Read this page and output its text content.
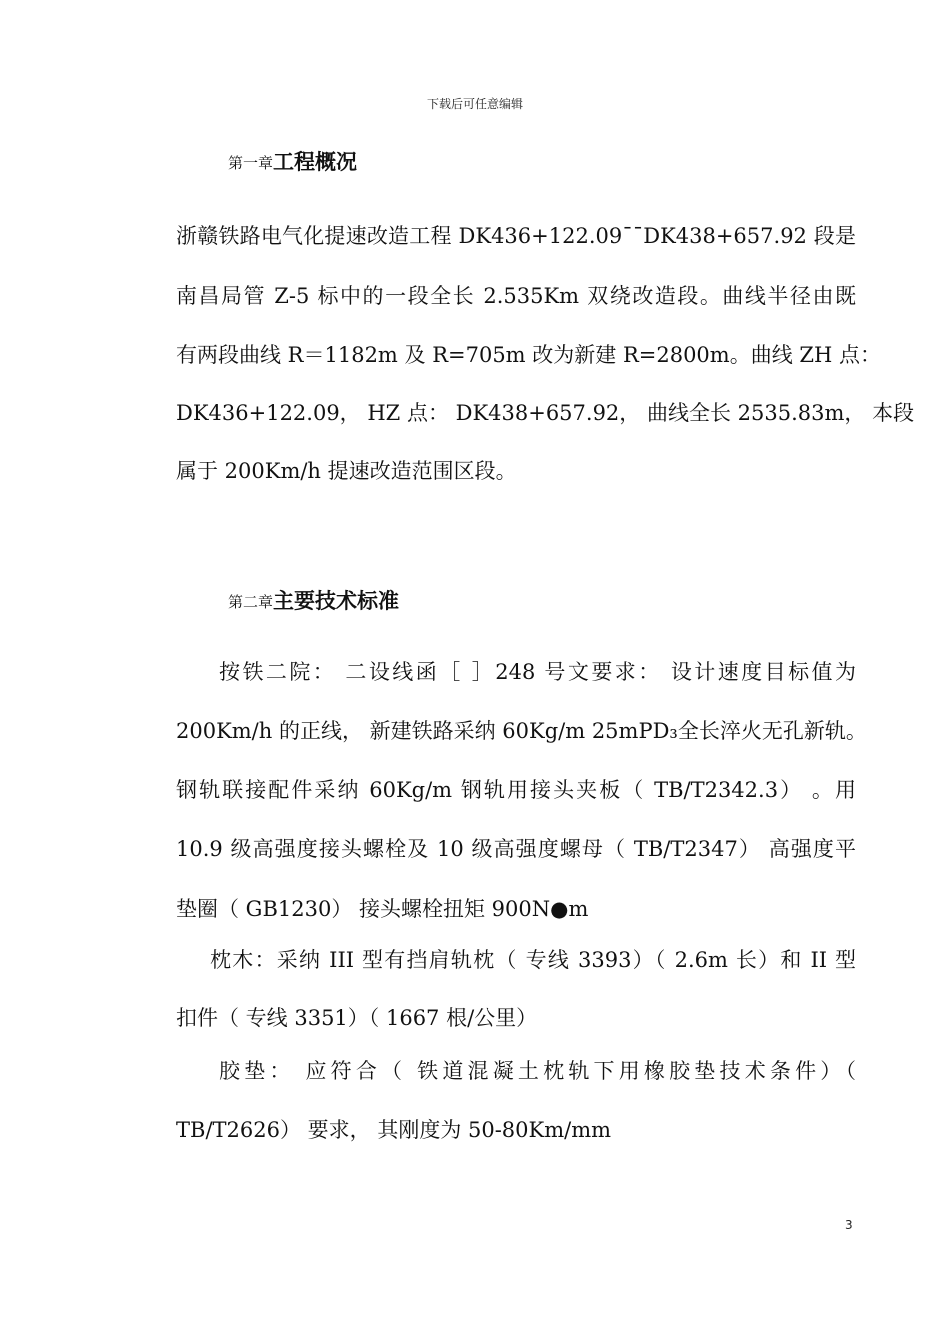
下载后可任意编辑
第一章工程概况
浙赣铁路电气化提速改造工程 DK436+122.09¯¯DK438+657.92 段是
南昌局管 Z-5 标中的一段全长 2.535Km 双绕改造段。曲线半径由既
有两段曲线 R＝1182m 及 R=705m 改为新建 R=2800m。曲线 ZH 点：
DK436+122.09， HZ 点： DK438+657.92， 曲线全长 2535.83m， 本段
属于 200Km/h 提速改造范围区段。
第二章主要技术标准
按铁二院： 二设线函［ ］248 号文要求： 设计速度目标值为
200Km/h 的正线， 新建铁路采纳 60Kg/m 25mPD₃全长淬火无孔新轨。
钢轨联接配件采纳 60Kg/m 钢轨用接头夹板（ TB/T2342.3） 。用
10.9 级高强度接头螺栓及 10 级高强度螺母（ TB/T2347） 高强度平
垫圈（ GB1230） 接头螺栓扭矩 900N●m
枕木：采纳 III 型有挡肩轨枕（ 专线 3393）（ 2.6m 长）和 II 型
扣件（ 专线 3351）（ 1667 根/公里）
胶垫： 应符合（ 铁道混凝土枕轨下用橡胶垫技术条件）（
TB/T2626） 要求， 其刚度为 50-80Km/mm
3
